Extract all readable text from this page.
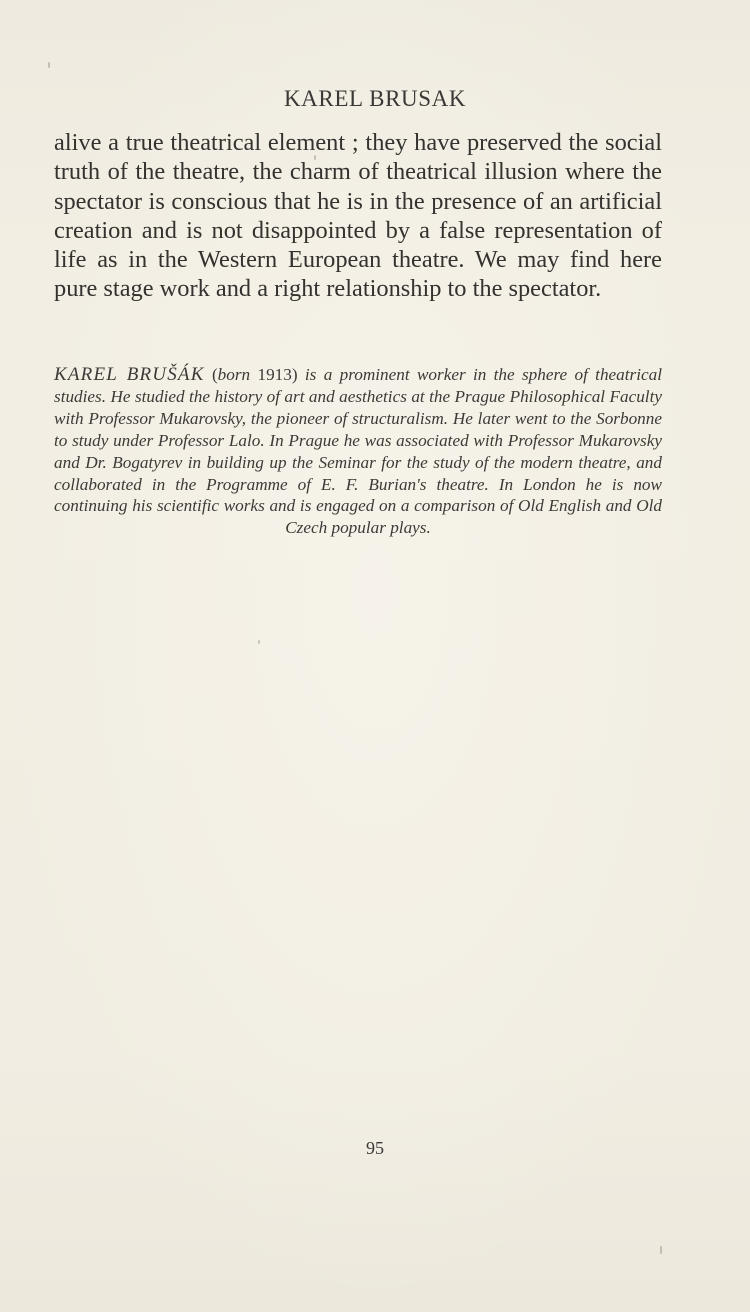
KAREL BRUSAK

alive a true theatrical element ; they have preserved the social truth of the theatre, the charm of theatrical illusion where the spectator is conscious that he is in the presence of an artificial creation and is not disappointed by a false representation of life as in the Western European theatre. We may find here pure stage work and a right relationship to the spectator.

KAREL BRUŠÁK (born 1913) is a prominent worker in the sphere of theatrical studies. He studied the history of art and aesthetics at the Prague Philosophical Faculty with Professor Mukarovsky, the pioneer of structuralism. He later went to the Sorbonne to study under Professor Lalo. In Prague he was associated with Professor Mukarovsky and Dr. Bogatyrev in building up the Seminar for the study of the modern theatre, and collaborated in the Programme of E. F. Burian's theatre. In London he is now continuing his scientific works and is engaged on a comparison of Old English and Old Czech popular plays.

95
